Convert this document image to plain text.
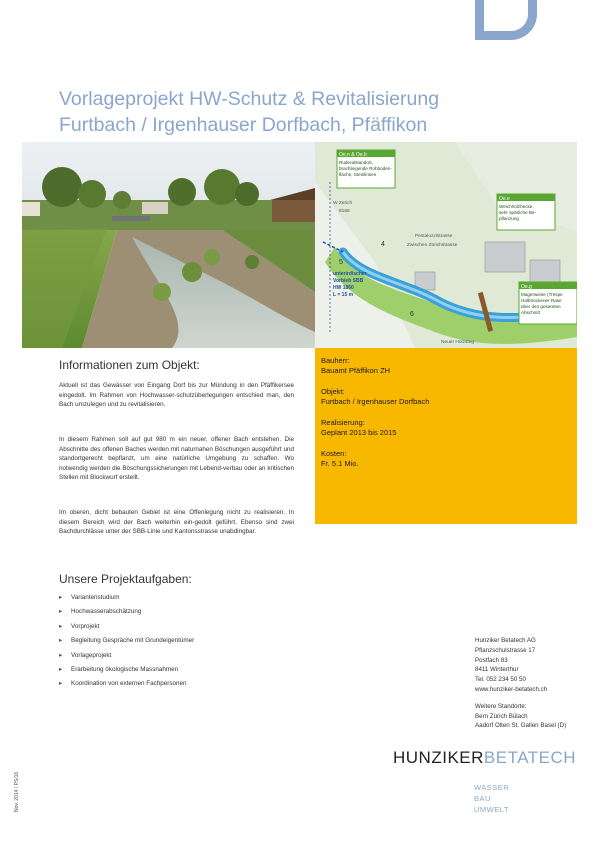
Vorlageprojekt HW-Schutz & Revitalisierung
Furtbach / Irgenhauser Dorfbach, Pfäffikon
Oe.n & Oe.b
Ruderalstandort,
brachliegende Rohboden-
fläche, Steinlinsen
Oe.e
Weichholzhecke,
sehr spärliche Be-
pflanzung
Oe.g
Magerwiese (Trespe
Halbtrockener Rase
über den gesamten
Abschnitt
W Zürich
6168
Pestalozzistrasse
Zwischen Zürichstrasse
4
5
6
unterirdischer
Vorbieb SBB
HW 1860
L = 15 m
Neuer Holzsteg
Bauherr:
Bauamt Pfäffikon ZH
Objekt:
Furtbach / Irgenhauser Dorfbach
Realisierung:
Geplant 2013 bis 2015
Kosten:
Fr. 5.1 Mio.
Informationen zum Objekt:

Aktuell ist das Gewässer von Eingang Dorf bis zur Mündung in den Pfäffikersee eingedolt. Im Rahmen von Hochwasser-schutzüberlegungen entschied man, den Bach umzulegen und zu revitalisieren.

In diesem Rahmen soll auf gut 980 m ein neuer, offener Bach entstehen. Die Abschnitte des offenen Baches werden mit naturnahen Böschungen ausgeführt und standortgerecht bepflanzt, um eine natürliche Umgebung zu schaffen. Wo notwendig werden die Böschungssicherungen mit Lebend-verbau oder an kritischen Stellen mit Blockwurf erstellt.

Im oberen, dicht bebauten Gebiet ist eine Offenlegung nicht zu realisieren. In diesem Bereich wird der Bach weiterhin ein-gedolt geführt. Ebenso sind zwei Bachdurchlässe unter der SBB-Linie und Kantonsstrasse unabdingbar.

Unsere Projektaufgaben:
▸ Variantenstudium
▸ Hochwasserabschätzung
▸ Vorprojekt
▸ Begleitung Gespräche mit Grundeigentümer
▸ Vorlageprojekt
▸ Erarbeitung ökologische Massnahmen
▸ Koordination von externen Fachpersonen
Hunziker Betatech AG
Pflanzschulstrasse 17
Postfach 83
8411 Winterthur
Tel. 052 234 50 50
www.hunziker-betatech.ch
Weitere Standorte:
Bern Zürich Bülach
Aadorf Olten St. Gallen Basel (D)
HUNZIKERBETATECH
WASSER
BAU
UMWELT
Nov. 2014 / PS/16
